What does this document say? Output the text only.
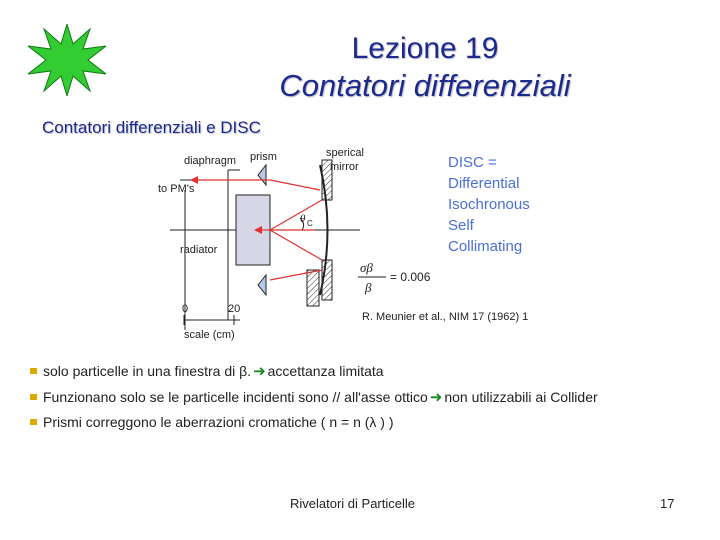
Lezione 19
Contatori differenziali
Contatori differenziali e DISC
diaphragm prism	sperical
mirror
to PM's
θ C
radiator
0	20
scale (cm)
DISC =
Differential
Isochronous
Self
Collimating
σβ
β
= 0.006
R. Meunier et al., NIM 17 (1962) 1
solo particelle in una finestra di β. ➜ accettanza limitata
Funzionano solo se le particelle incidenti sono // all'asse ottico ➜ non utilizzabili ai Collider
Prismi correggono le aberrazioni cromatiche ( n = n (λ ) )
Rivelatori di Particelle	17
